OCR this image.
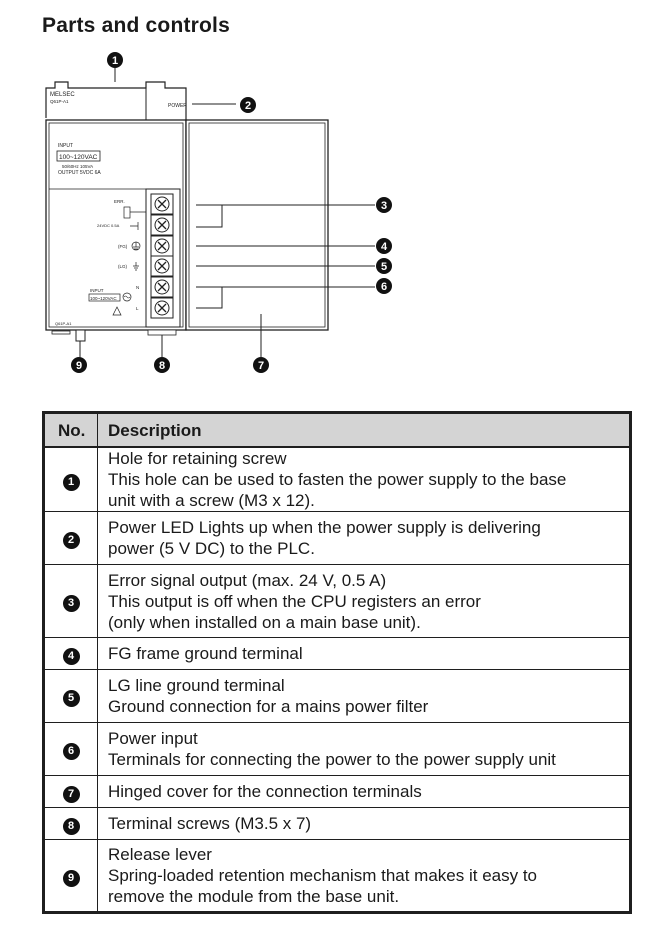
Parts and controls
MELSEC
Q61P-A1
POWER
1
2
INPUT
100~120VAC
50/60Hz 105VA
OUTPUT 5VDC 6A
ERR.
24VDC 0.5A
(FG)
(LG)
INPUT
100~120VAC
N
L
Q61P-A1
3
4
5
6
7
8
9
No.	Description
1	Hole for retaining screw
This hole can be used to fasten the power supply to the base
unit with a screw (M3 x 12).

2	Power LED Lights up when the power supply is delivering
power (5 V DC) to the PLC.

3	Error signal output (max. 24 V, 0.5 A)
This output is off when the CPU registers an error
(only when installed on a main base unit).

4	FG frame ground terminal

5	LG line ground terminal
Ground connection for a mains power filter

6	Power input
Terminals for connecting the power to the power supply unit

7	Hinged cover for the connection terminals

8	Terminal screws (M3.5 x 7)

9	Release lever
Spring-loaded retention mechanism that makes it easy to
remove the module from the base unit.
